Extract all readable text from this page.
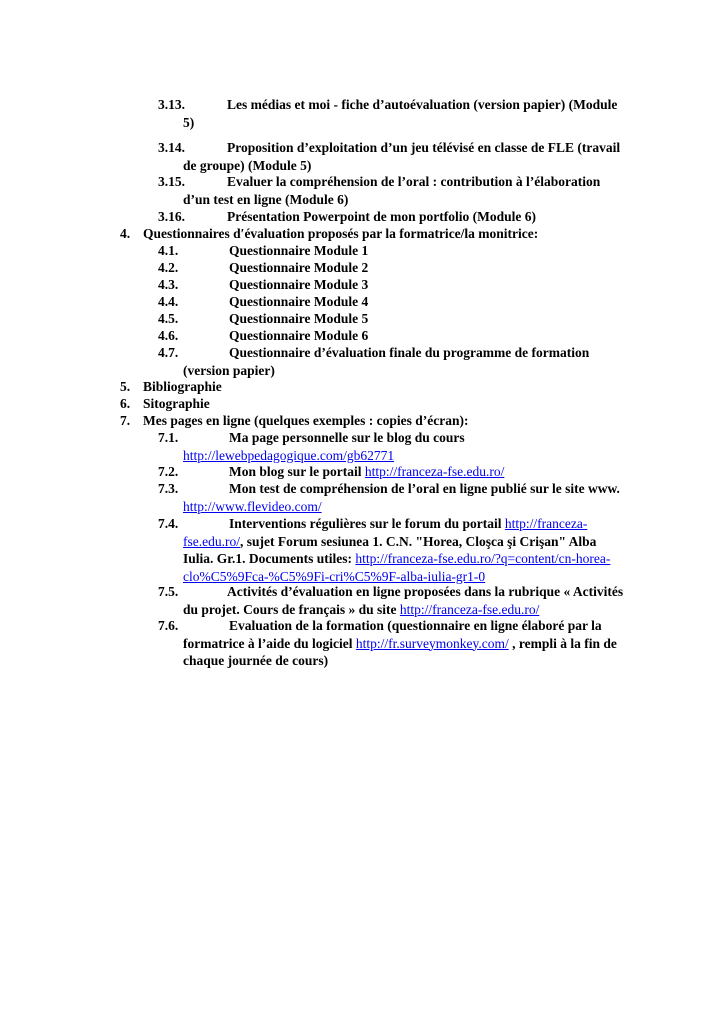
3.13.	Les médias et moi - fiche d’autoévaluation (version papier) (Module
5)
3.14.	Proposition d’exploitation d’un jeu télévisé en classe de FLE (travail
de groupe) (Module 5)
3.15.	Evaluer la compréhension de l’oral : contribution à l’élaboration
d’un test en ligne (Module 6)
3.16.	Présentation Powerpoint de mon portfolio (Module 6)
4. Questionnaires d′évaluation proposés par la formatrice/la monitrice:
4.1.	Questionnaire Module 1
4.2.	Questionnaire Module 2
4.3.	Questionnaire Module 3
4.4.	Questionnaire Module 4
4.5.	Questionnaire Module 5
4.6.	Questionnaire Module 6
4.7.	Questionnaire d’évaluation finale du programme de formation
(version papier)
5. Bibliographie
6. Sitographie
7. Mes pages en ligne (quelques exemples : copies d’écran):
7.1.	Ma page personnelle sur le blog du cours
http://lewebpedagogique.com/gb62771
7.2.	Mon blog sur le portail http://franceza-fse.edu.ro/
7.3.	Mon test de compréhension de l’oral en ligne publié sur le site www.
http://www.flevideo.com/
7.4.	Interventions régulières sur le forum du portail http://franceza-
fse.edu.ro/, sujet Forum sesiunea 1. C.N. "Horea, Cloşca şi Crişan" Alba
Iulia. Gr.1. Documents utiles: http://franceza-fse.edu.ro/?q=content/cn-horea-
clo%C5%9Fca-%C5%9Fi-cri%C5%9F-alba-iulia-gr1-0
7.5.	Activités d’évaluation en ligne proposées dans la rubrique « Activités
du projet. Cours de français » du site http://franceza-fse.edu.ro/
7.6.	Evaluation de la formation (questionnaire en ligne élaboré par la
formatrice à l’aide du logiciel http://fr.surveymonkey.com/ , rempli à la fin de
chaque journée de cours)
